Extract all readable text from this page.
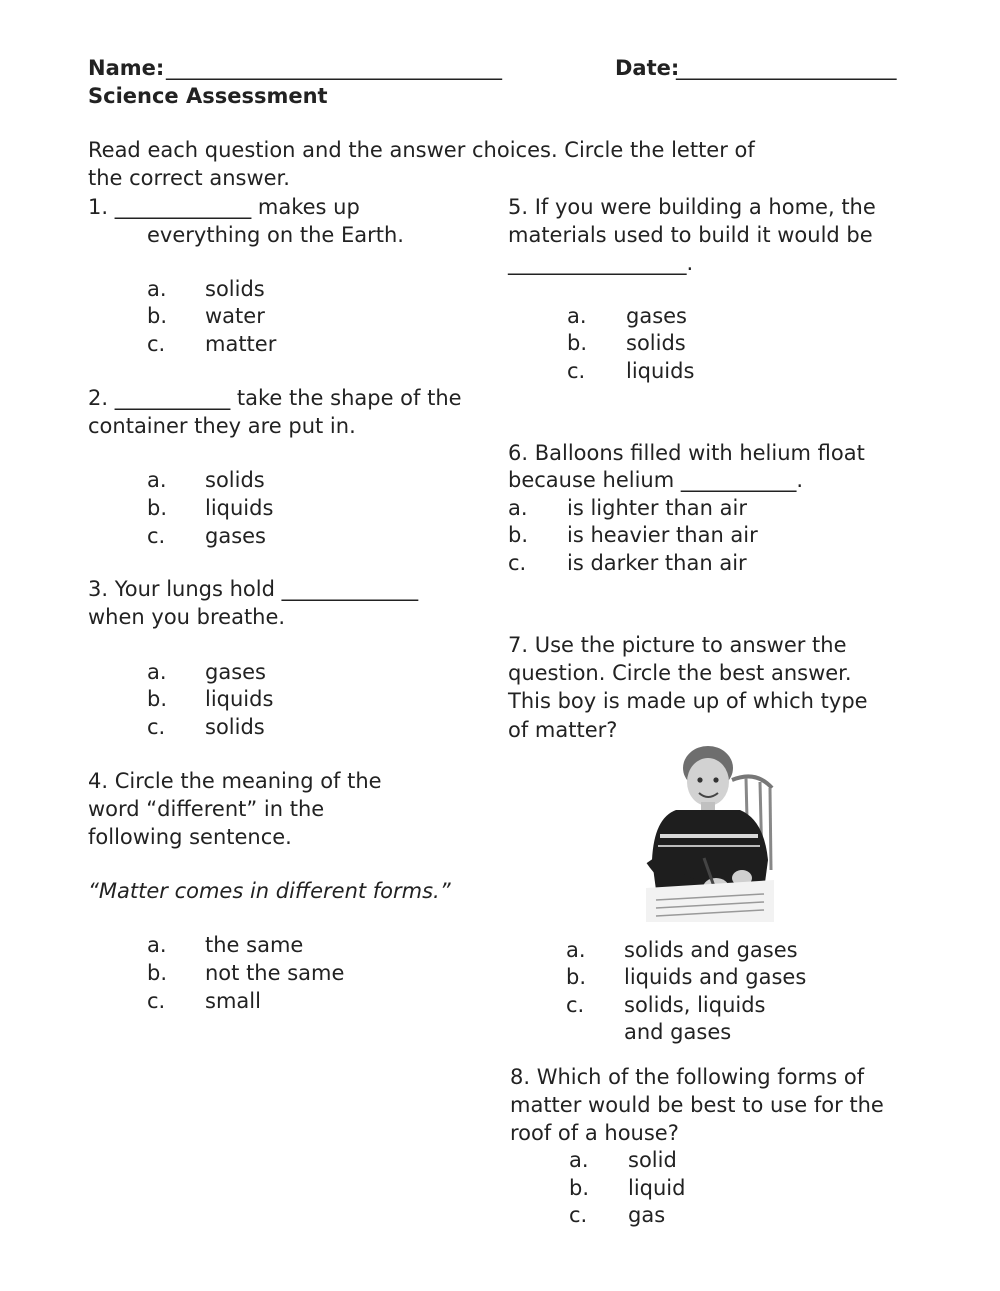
Name: ________________________________	Date:
_____________________
Science Assessment
Read each question and the answer choices. Circle the letter of
the correct answer.
1. _____________ makes up
everything on the Earth.
a. solids
b. water
c. matter
2. ___________ take the shape of the
container they are put in.
a. solids
b. liquids
c. gases
3. Your lungs hold _____________
when you breathe.
a. gases
b. liquids
c. solids
4. Circle the meaning of the
word “different” in the
following sentence.
“Matter comes in different forms.”
a. the same
b. not the same
c. small
5. If you were building a home, the
materials used to build it would be
_________________.
a. gases
b. solids
c. liquids
6. Balloons filled with helium float
because helium ___________.
a. is lighter than air
b. is heavier than air
c. is darker than air
7. Use the picture to answer the
question. Circle the best answer.
This boy is made up of which type
of matter?
a. solids and gases
b. liquids and gases
c. solids, liquids
and gases
8. Which of the following forms of
matter would be best to use for the
roof of a house?
a. solid
b. liquid
c. gas
